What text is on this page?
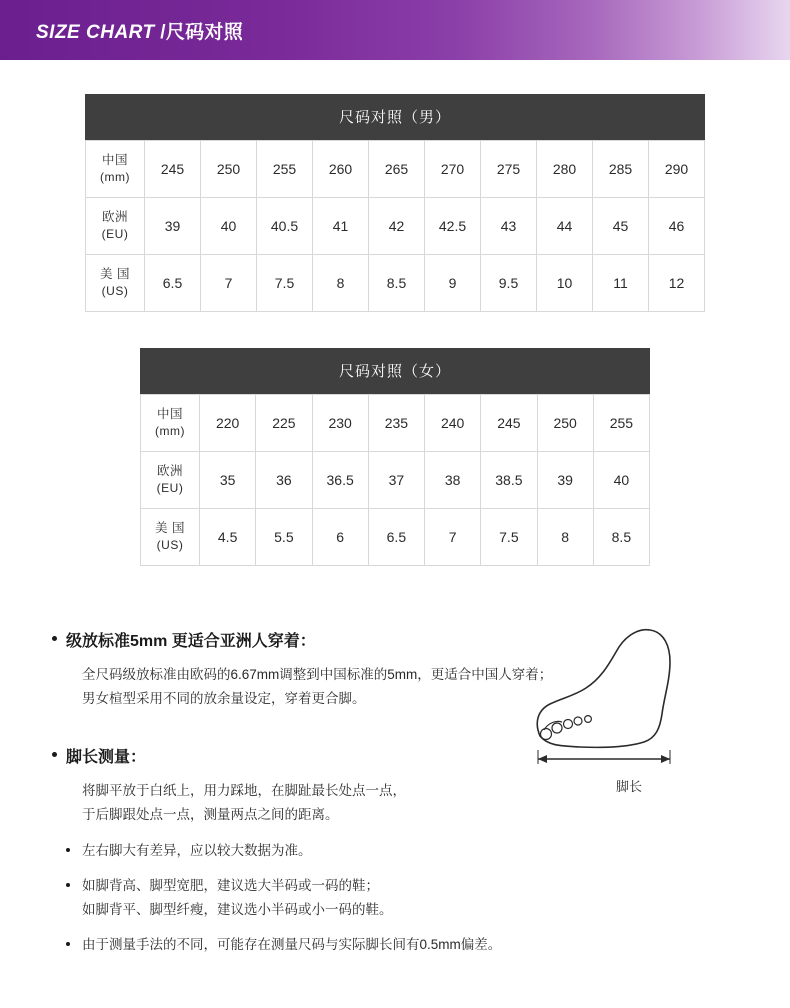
SIZE CHART /尺码对照
尺码对照（男）
中国
(mm)	245	250	255	260	265	270	275	280	285	290
欧洲
(EU)	39	40	40.5	41	42	42.5	43	44	45	46
美 国
(US)	6.5	7	7.5	8	8.5	9	9.5	10	11	12
尺码对照（女）
中国
(mm)	220	225	230	235	240	245	250	255
欧洲
(EU)	35	36	36.5	37	38	38.5	39	40
美 国
(US)	4.5	5.5	6	6.5	7	7.5	8	8.5
级放标准5mm 更适合亚洲人穿着：
全尺码级放标准由欧码的6.67mm调整到中国标准的5mm，更适合中国人穿着；
男女楦型采用不同的放余量设定，穿着更合脚。
脚长测量：
脚长
将脚平放于白纸上，用力踩地，在脚趾最长处点一点，
于后脚跟处点一点，测量两点之间的距离。
左右脚大有差异，应以较大数据为准。
如脚背高、脚型宽肥，建议选大半码或一码的鞋；
如脚背平、脚型纤瘦，建议选小半码或小一码的鞋。
由于测量手法的不同，可能存在测量尺码与实际脚长间有0.5mm偏差。
